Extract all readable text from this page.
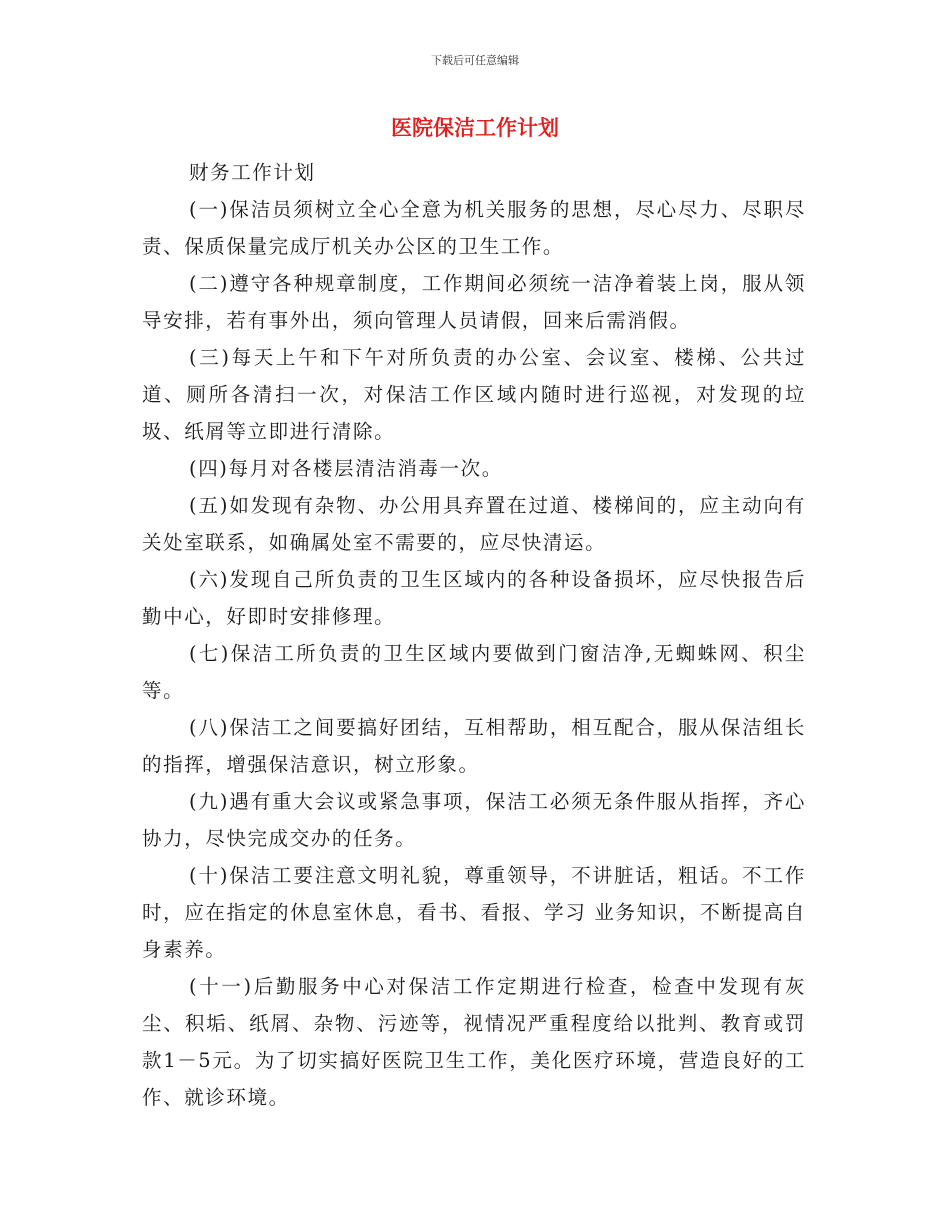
下载后可任意编辑
医院保洁工作计划

财务工作计划

(一)保洁员须树立全心全意为机关服务的思想，尽心尽力、尽职尽责、保质保量完成厅机关办公区的卫生工作。

(二)遵守各种规章制度，工作期间必须统一洁净着装上岗，服从领导安排，若有事外出，须向管理人员请假，回来后需消假。

(三)每天上午和下午对所负责的办公室、会议室、楼梯、公共过道、厕所各清扫一次，对保洁工作区域内随时进行巡视，对发现的垃圾、纸屑等立即进行清除。

(四)每月对各楼层清洁消毒一次。

(五)如发现有杂物、办公用具弃置在过道、楼梯间的，应主动向有关处室联系，如确属处室不需要的，应尽快清运。

(六)发现自己所负责的卫生区域内的各种设备损坏，应尽快报告后勤中心，好即时安排修理。

(七)保洁工所负责的卫生区域内要做到门窗洁净,无蜘蛛网、积尘等。

(八)保洁工之间要搞好团结，互相帮助，相互配合，服从保洁组长的指挥，增强保洁意识，树立形象。

(九)遇有重大会议或紧急事项，保洁工必须无条件服从指挥，齐心协力，尽快完成交办的任务。

(十)保洁工要注意文明礼貌，尊重领导，不讲脏话，粗话。不工作时，应在指定的休息室休息，看书、看报、学习 业务知识，不断提高自身素养。

(十一)后勤服务中心对保洁工作定期进行检查，检查中发现有灰尘、积垢、纸屑、杂物、污迹等，视情况严重程度给以批判、教育或罚款1－5元。为了切实搞好医院卫生工作，美化医疗环境，营造良好的工作、就诊环境。
